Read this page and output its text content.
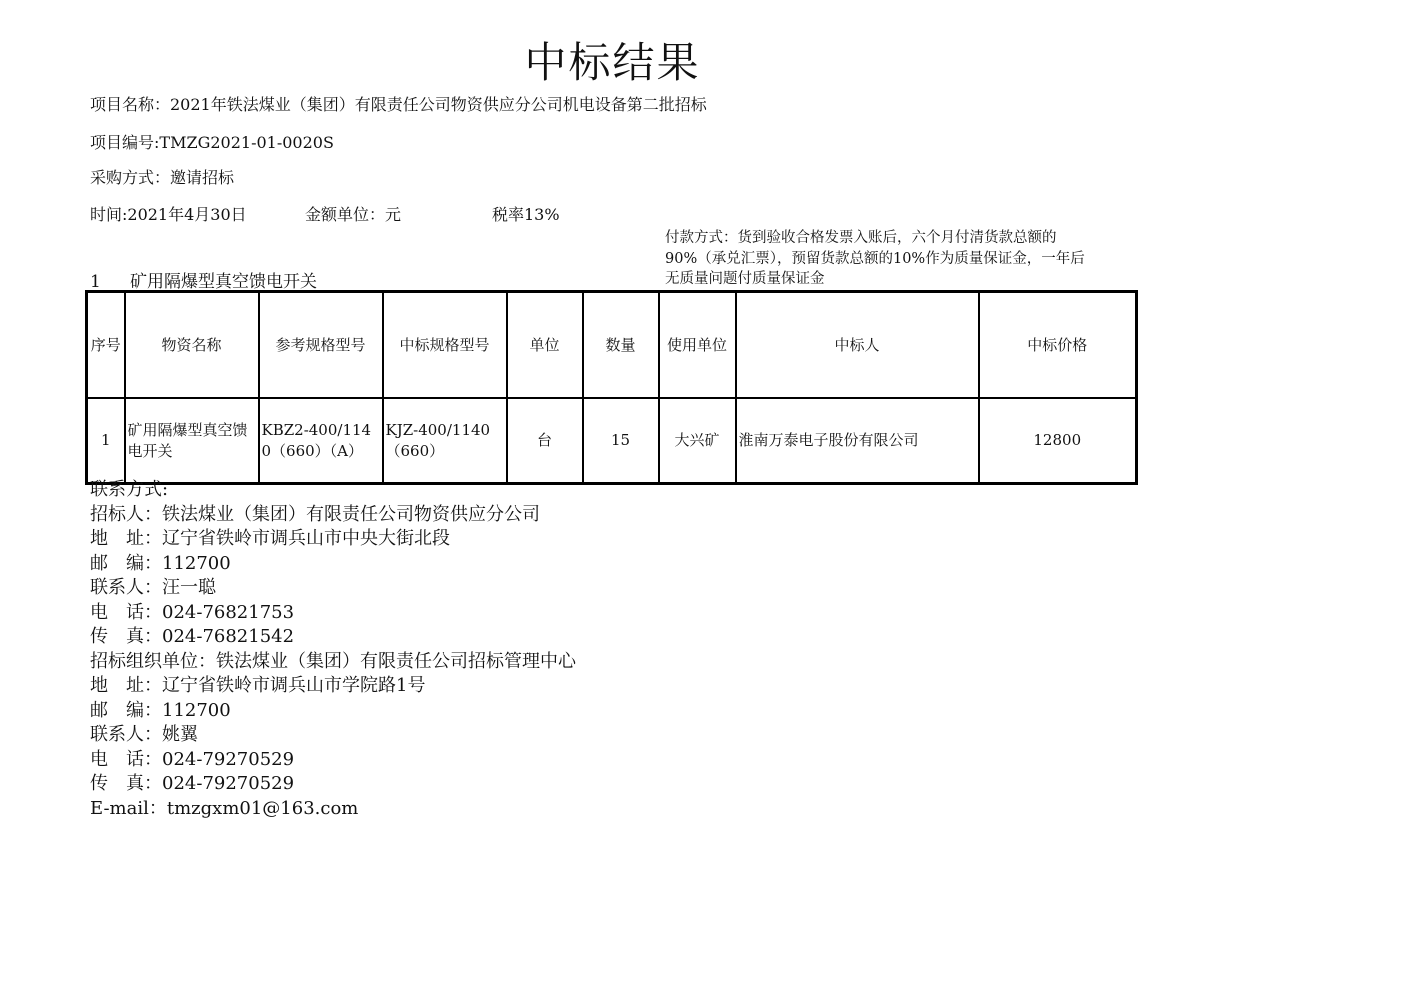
中标结果
项目名称：2021年铁法煤业（集团）有限责任公司物资供应分公司机电设备第二批招标
项目编号:TMZG2021-01-0020S
采购方式：邀请招标
时间:2021年4月30日	金额单位：元	税率13%
付款方式：货到验收合格发票入账后，六个月付清货款总额的
90%（承兑汇票），预留货款总额的10%作为质量保证金，一年后
无质量问题付质量保证金
1 矿用隔爆型真空馈电开关
序号	物资名称	参考规格型号	中标规格型号	单位	数量	使用单位	中标人	中标价格
1	矿用隔爆型真空馈电开关	KBZ2-400/1140（660）（A）	KJZ-400/1140（660）	台	15	大兴矿	淮南万泰电子股份有限公司	12800
联系方式:
招标人：铁法煤业（集团）有限责任公司物资供应分公司
地　址：辽宁省铁岭市调兵山市中央大街北段
邮　编：112700
联系人：汪一聪
电　话：024-76821753
传　真：024-76821542
招标组织单位：铁法煤业（集团）有限责任公司招标管理中心
地　址：辽宁省铁岭市调兵山市学院路1号
邮　编：112700
联系人：姚翼
电　话：024-79270529
传　真：024-79270529
E-mail：tmzgxm01@163.com
